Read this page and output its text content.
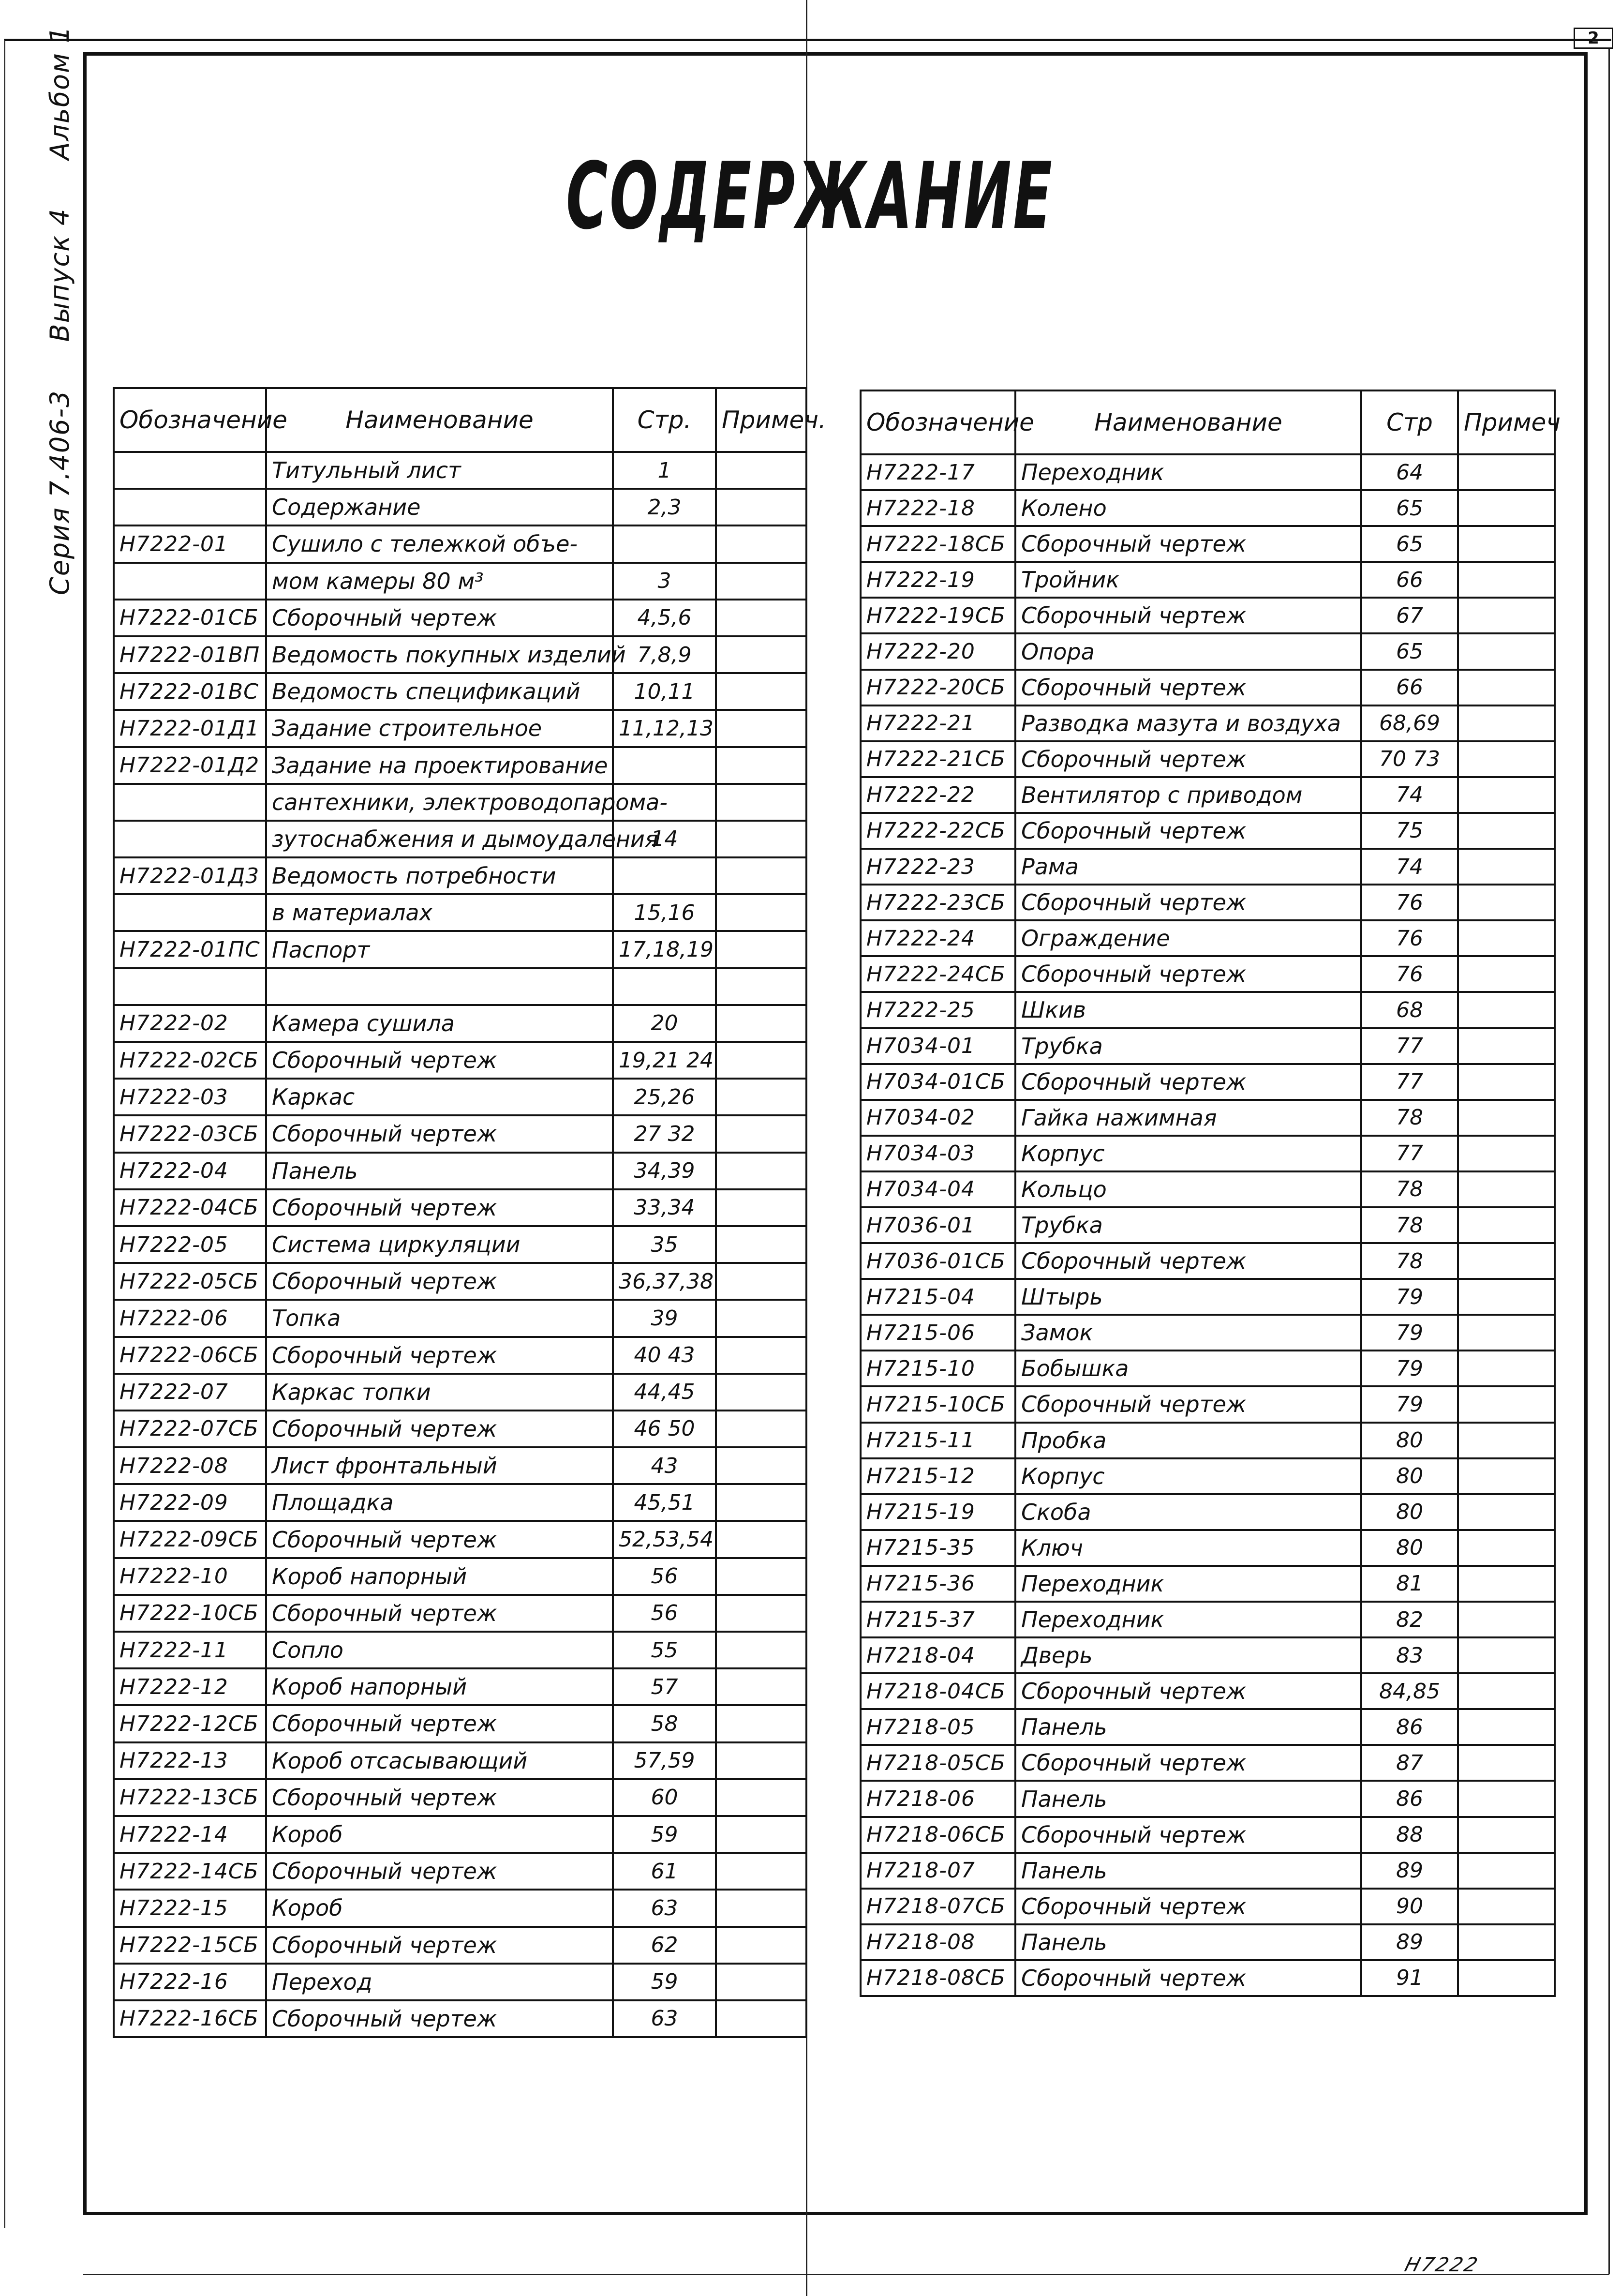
2
Серия 7.406-3 Выпуск 4 Альбом 1
СОДЕРЖАНИЕ
Обозначение	Наименование	Стр.	Примеч.
	Титульный лист	1	
	Содержание	2,3	
Н7222-01	Сушило с тележкой объе-		
	мом камеры 80 м³	3	
Н7222-01СБ	Сборочный чертеж	4,5,6	
Н7222-01ВП	Ведомость покупных изделий	7,8,9	
Н7222-01ВС	Ведомость спецификаций	10,11	
Н7222-01Д1	Задание строительное	11,12,13	
Н7222-01Д2	Задание на проектирование		
	сантехники, электроводопарома-		
	зутоснабжения и дымоудаления	14	
Н7222-01Д3	Ведомость потребности		
	в материалах	15,16	
Н7222-01ПС	Паспорт	17,18,19	

Н7222-02	Камера сушила	20	
Н7222-02СБ	Сборочный чертеж	19,21 24	
Н7222-03	Каркас	25,26	
Н7222-03СБ	Сборочный чертеж	27 32	
Н7222-04	Панель	34,39	
Н7222-04СБ	Сборочный чертеж	33,34	
Н7222-05	Система циркуляции	35	
Н7222-05СБ	Сборочный чертеж	36,37,38	
Н7222-06	Топка	39	
Н7222-06СБ	Сборочный чертеж	40 43	
Н7222-07	Каркас топки	44,45	
Н7222-07СБ	Сборочный чертеж	46 50	
Н7222-08	Лист фронтальный	43	
Н7222-09	Площадка	45,51	
Н7222-09СБ	Сборочный чертеж	52,53,54	
Н7222-10	Короб напорный	56	
Н7222-10СБ	Сборочный чертеж	56	
Н7222-11	Сопло	55	
Н7222-12	Короб напорный	57	
Н7222-12СБ	Сборочный чертеж	58	
Н7222-13	Короб отсасывающий	57,59	
Н7222-13СБ	Сборочный чертеж	60	
Н7222-14	Короб	59	
Н7222-14СБ	Сборочный чертеж	61	
Н7222-15	Короб	63	
Н7222-15СБ	Сборочный чертеж	62	
Н7222-16	Переход	59	
Н7222-16СБ	Сборочный чертеж	63	
Обозначение	Наименование	Стр	Примеч
Н7222-17	Переходник	64	
Н7222-18	Колено	65	
Н7222-18СБ	Сборочный чертеж	65	
Н7222-19	Тройник	66	
Н7222-19СБ	Сборочный чертеж	67	
Н7222-20	Опора	65	
Н7222-20СБ	Сборочный чертеж	66	
Н7222-21	Разводка мазута и воздуха	68,69	
Н7222-21СБ	Сборочный чертеж	70 73	
Н7222-22	Вентилятор с приводом	74	
Н7222-22СБ	Сборочный чертеж	75	
Н7222-23	Рама	74	
Н7222-23СБ	Сборочный чертеж	76	
Н7222-24	Ограждение	76	
Н7222-24СБ	Сборочный чертеж	76	
Н7222-25	Шкив	68	
Н7034-01	Трубка	77	
Н7034-01СБ	Сборочный чертеж	77	
Н7034-02	Гайка нажимная	78	
Н7034-03	Корпус	77	
Н7034-04	Кольцо	78	
Н7036-01	Трубка	78	
Н7036-01СБ	Сборочный чертеж	78	
Н7215-04	Штырь	79	
Н7215-06	Замок	79	
Н7215-10	Бобышка	79	
Н7215-10СБ	Сборочный чертеж	79	
Н7215-11	Пробка	80	
Н7215-12	Корпус	80	
Н7215-19	Скоба	80	
Н7215-35	Ключ	80	
Н7215-36	Переходник	81	
Н7215-37	Переходник	82	
Н7218-04	Дверь	83	
Н7218-04СБ	Сборочный чертеж	84,85	
Н7218-05	Панель	86	
Н7218-05СБ	Сборочный чертеж	87	
Н7218-06	Панель	86	
Н7218-06СБ	Сборочный чертеж	88	
Н7218-07	Панель	89	
Н7218-07СБ	Сборочный чертеж	90	
Н7218-08	Панель	89	
Н7218-08СБ	Сборочный чертеж	91	
Н7222
